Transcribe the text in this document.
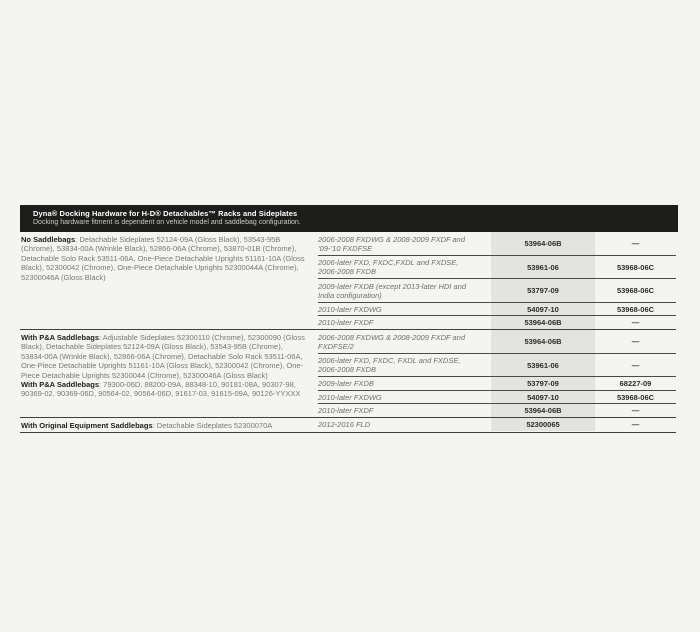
Dyna® Docking Hardware for H-D® Detachables™ Racks and Sideplates
Docking hardware fitment is dependent on vehicle model and saddlebag configuration.
No Saddlebags: Detachable Sideplates 52124-09A (Gloss Black), 53543-95B (Chrome), 53834-00A (Wrinkle Black), 52866-06A (Chrome), 53870-01B (Chrome), Detachable Solo Rack 53511-06A, One-Piece Detachable Uprights 51161-10A (Gloss Black), 52300042 (Chrome), One-Piece Detachable Uprights 52300044A (Chrome), 52300046A (Gloss Black)
2006-2008 FXDWG & 2008-2009 FXDF and ’09-’10 FXDFSE	53964-06B	—
2006-later FXD, FXDC,FXDL and FXDSE, 2006-2008 FXDB	53961-06	53968-06C
2009-later FXDB (except 2013-later HDI and India configuration)	53797-09	53968-06C
2010-later FXDWG	54097-10	53968-06C
2010-later FXDF	53964-06B	—
With P&A Saddlebags: Adjustable Sideplates 52300110 (Chrome), 52300090 (Gloss Black), Detachable Sideplates 52124-09A (Gloss Black), 53543-95B (Chrome), 53834-00A (Wrinkle Black), 52866-06A (Chrome), Detachable Solo Rack 53511-06A, One-Piece Detachable Uprights 51161-10A (Gloss Black), 52300042 (Chrome), One-Piece Detachable Uprights 52300044 (Chrome), 52300046A (Gloss Black)
With P&A Saddlebags: 79300-06D, 88200-09A, 88348-10, 90181-08A, 90307-98, 90369-02, 90369-06D, 90564-02, 90564-06D, 91617-03, 91615-09A, 90126-YYXXX
2006-2008 FXDWG & 2008-2009 FXDF and FXDFSE/2	53964-06B	—
2006-later FXD, FXDC, FXDL and FXDSE, 2006-2008 FXDB	53961-06	—
2009-later FXDB	53797-09	68227-09
2010-later FXDWG	54097-10	53968-06C
2010-later FXDF	53964-06B	—
With Original Equipment Saddlebags: Detachable Sideplates 52300070A	2012-2016 FLD	52300065	—
